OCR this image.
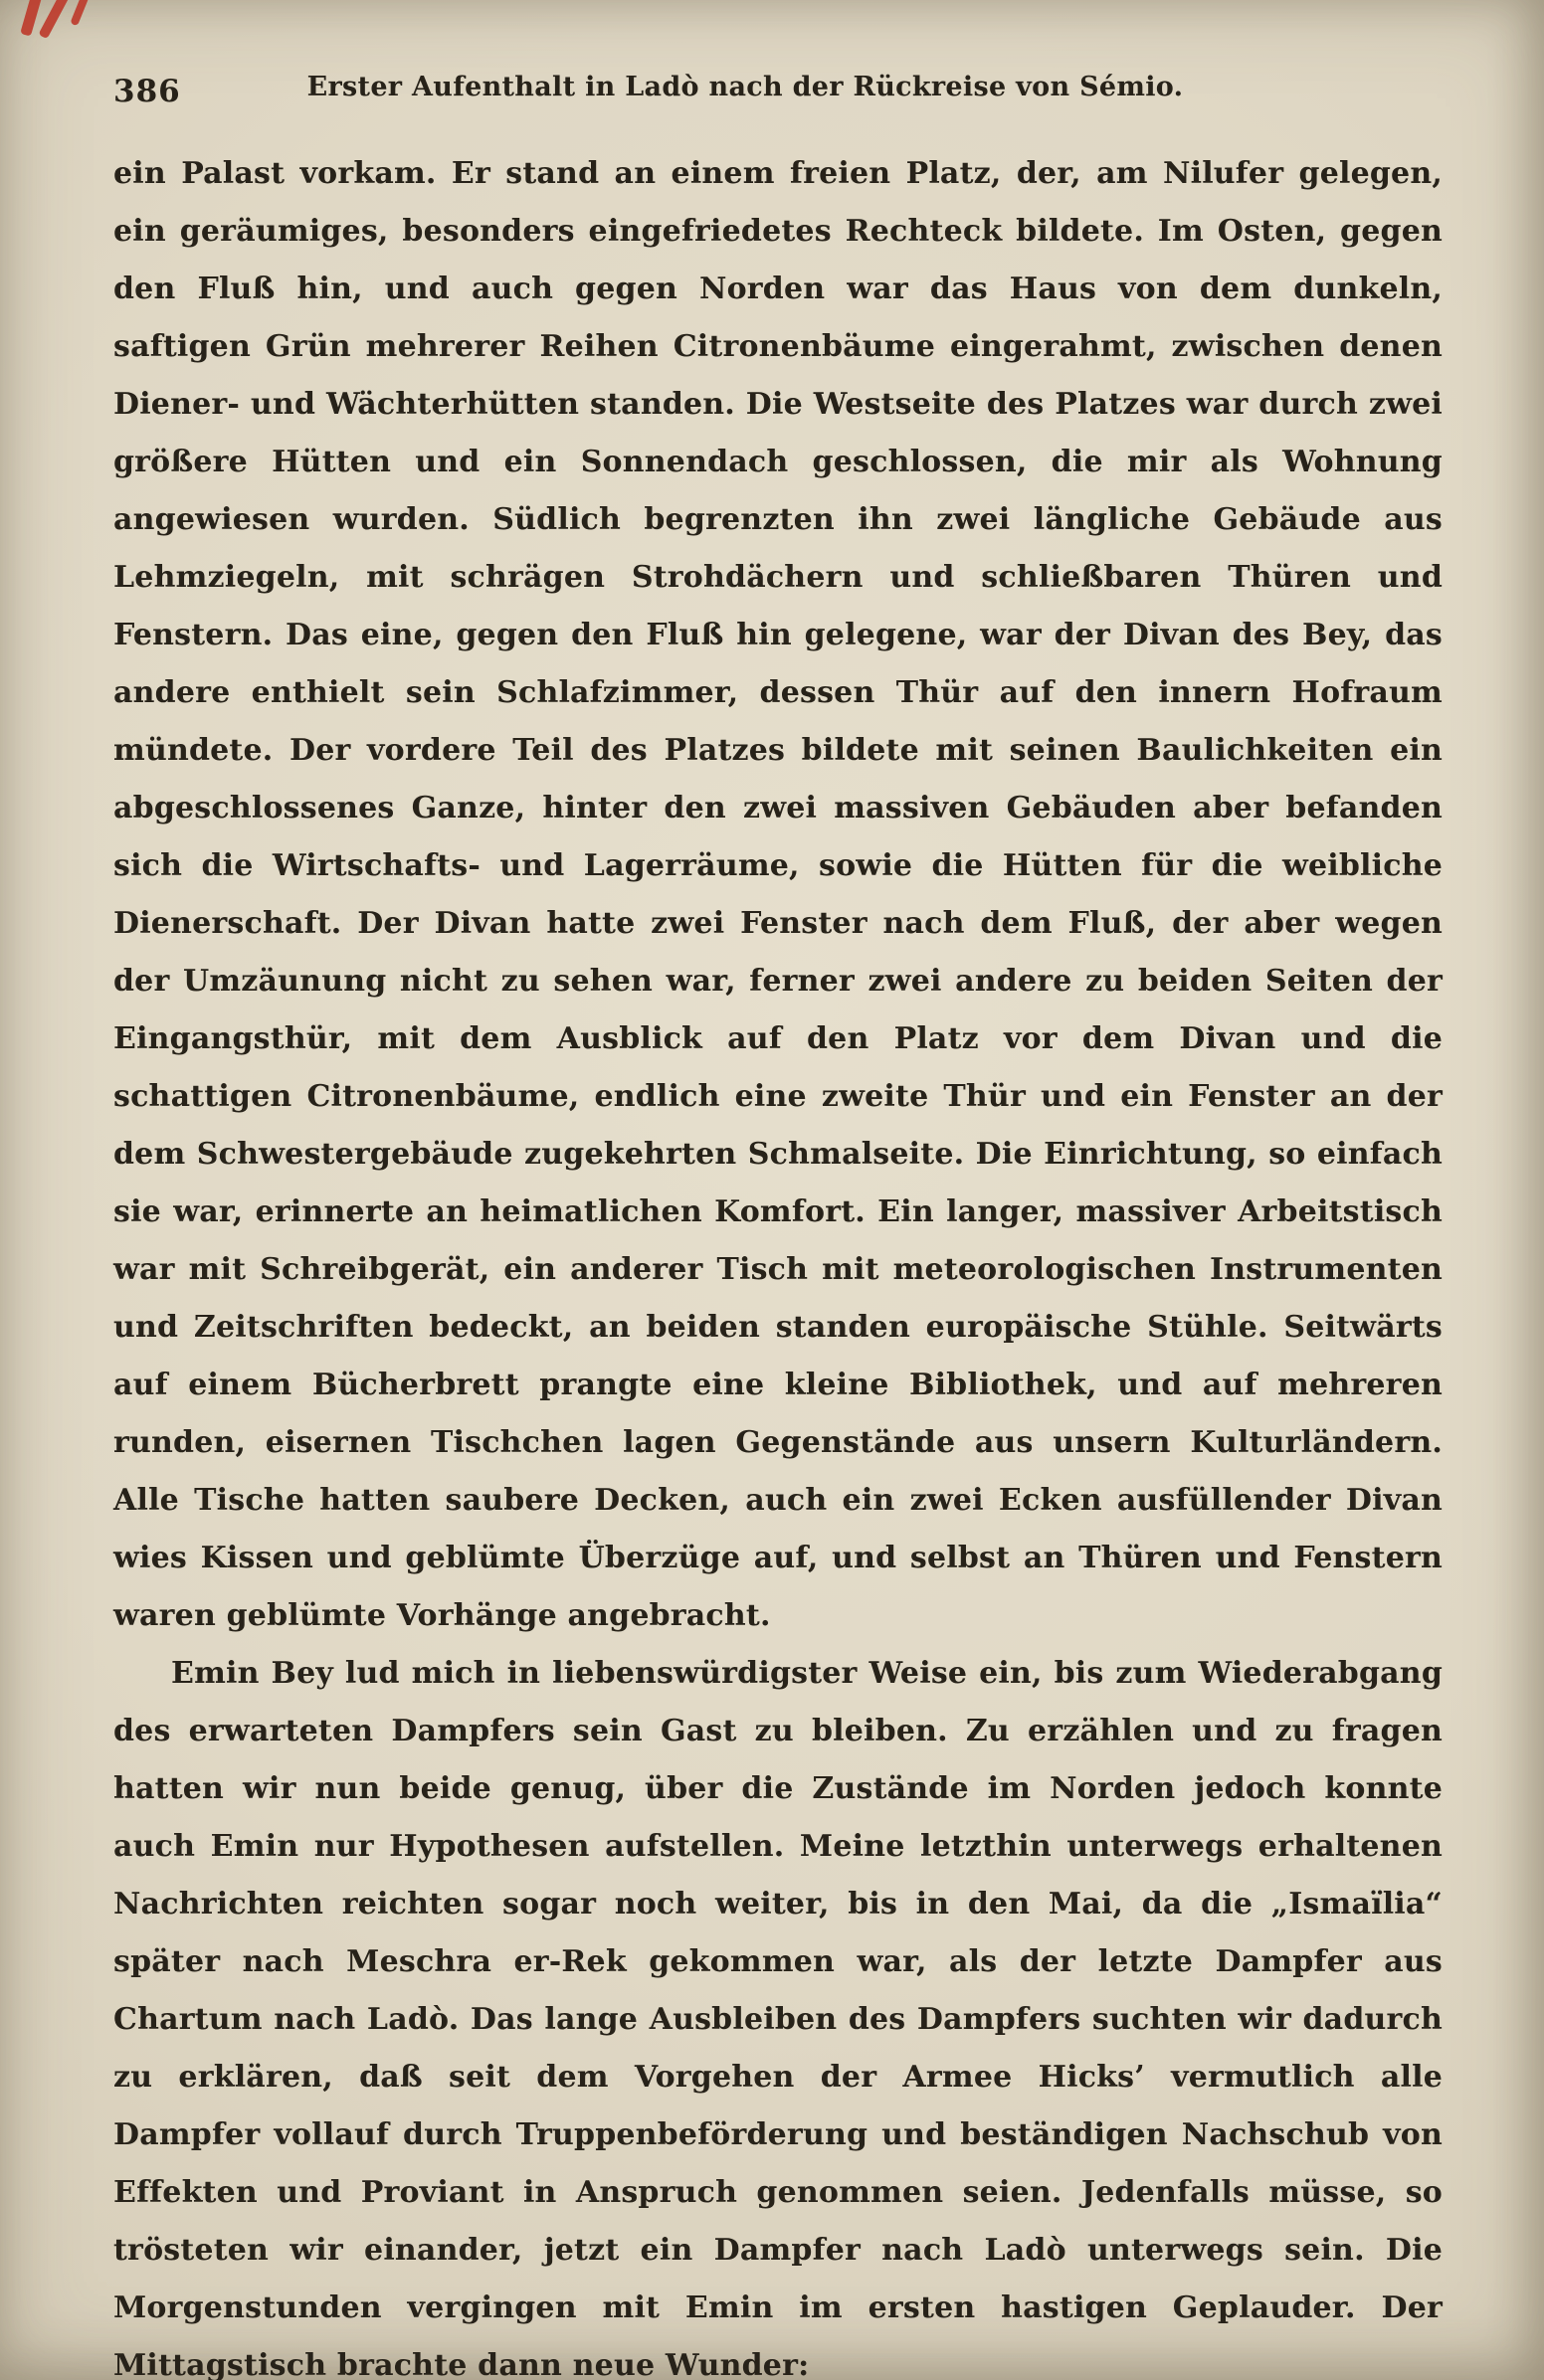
386	Erster Aufenthalt in Ladò nach der Rückreise von Sémio.

ein Palast vorkam. Er stand an einem freien Platz, der, am Nilufer gelegen, ein geräumiges, besonders eingefriedetes Rechteck bildete. Im Osten, gegen den Fluß hin, und auch gegen Norden war das Haus von dem dunkeln, saftigen Grün mehrerer Reihen Citronenbäume eingerahmt, zwischen denen Diener- und Wächterhütten standen. Die Westseite des Platzes war durch zwei größere Hütten und ein Sonnendach geschlossen, die mir als Wohnung angewiesen wurden. Südlich begrenzten ihn zwei längliche Gebäude aus Lehmziegeln, mit schrägen Strohdächern und schließbaren Thüren und Fenstern. Das eine, gegen den Fluß hin gelegene, war der Divan des Bey, das andere enthielt sein Schlafzimmer, dessen Thür auf den innern Hofraum mündete. Der vordere Teil des Platzes bildete mit seinen Baulichkeiten ein abgeschlossenes Ganze, hinter den zwei massiven Gebäuden aber befanden sich die Wirtschafts- und Lagerräume, sowie die Hütten für die weibliche Dienerschaft. Der Divan hatte zwei Fenster nach dem Fluß, der aber wegen der Umzäunung nicht zu sehen war, ferner zwei andere zu beiden Seiten der Eingangsthür, mit dem Ausblick auf den Platz vor dem Divan und die schattigen Citronenbäume, endlich eine zweite Thür und ein Fenster an der dem Schwestergebäude zugekehrten Schmalseite. Die Einrichtung, so einfach sie war, erinnerte an heimatlichen Komfort. Ein langer, massiver Arbeitstisch war mit Schreibgerät, ein anderer Tisch mit meteorologischen Instrumenten und Zeitschriften bedeckt, an beiden standen europäische Stühle. Seitwärts auf einem Bücherbrett prangte eine kleine Bibliothek, und auf mehreren runden, eisernen Tischchen lagen Gegenstände aus unsern Kulturländern. Alle Tische hatten saubere Decken, auch ein zwei Ecken ausfüllender Divan wies Kissen und geblümte Überzüge auf, und selbst an Thüren und Fenstern waren geblümte Vorhänge angebracht.

Emin Bey lud mich in liebenswürdigster Weise ein, bis zum Wiederabgang des erwarteten Dampfers sein Gast zu bleiben. Zu erzählen und zu fragen hatten wir nun beide genug, über die Zustände im Norden jedoch konnte auch Emin nur Hypothesen aufstellen. Meine letzthin unterwegs erhaltenen Nachrichten reichten sogar noch weiter, bis in den Mai, da die „Ismaïlia“ später nach Meschra er-Rek gekommen war, als der letzte Dampfer aus Chartum nach Ladò. Das lange Ausbleiben des Dampfers suchten wir dadurch zu erklären, daß seit dem Vorgehen der Armee Hicks’ vermutlich alle Dampfer vollauf durch Truppenbeförderung und beständigen Nachschub von Effekten und Proviant in Anspruch genommen seien. Jedenfalls müsse, so trösteten wir einander, jetzt ein Dampfer nach Ladò unterwegs sein. Die Morgenstunden vergingen mit Emin im ersten hastigen Geplauder. Der Mittagstisch brachte dann neue Wunder:
